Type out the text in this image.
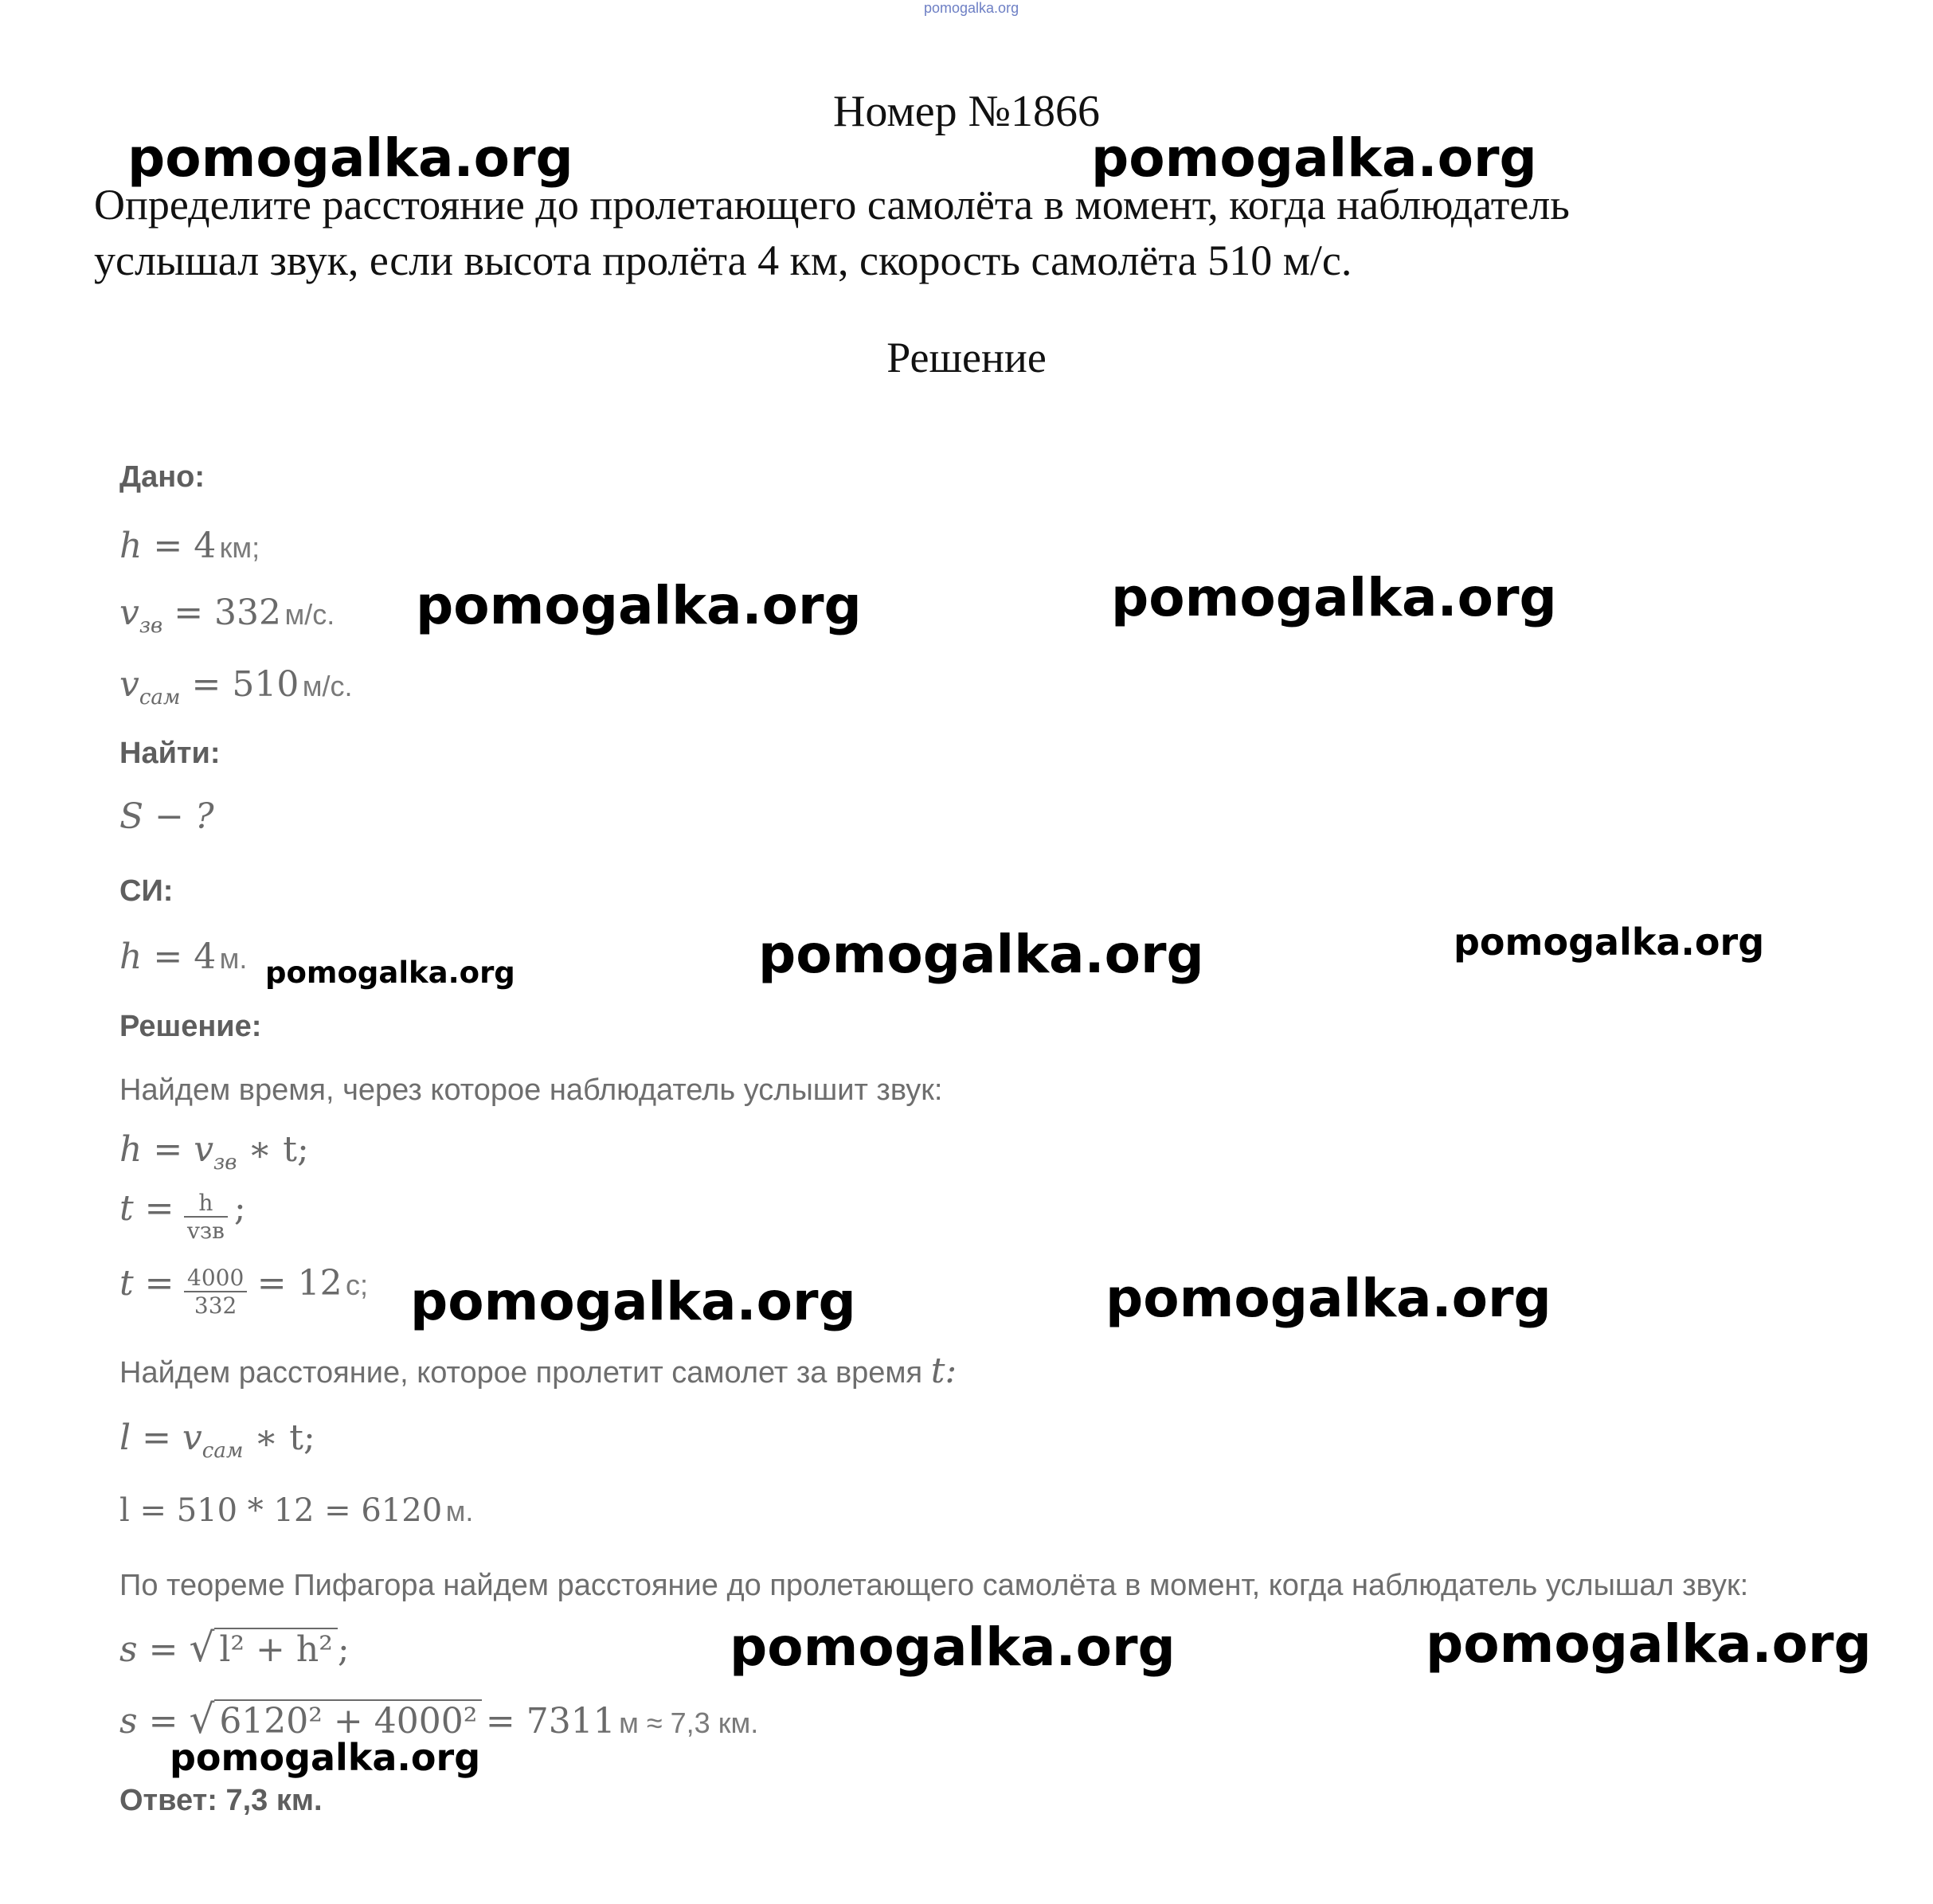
pomogalka.org
Номер №1866
Определите расстояние до пролетающего самолёта в момент, когда наблюдатель
услышал звук, если высота пролёта 4 км, скорость самолёта 510 м/с.
Решение
Дано:
h = 4 км;
$v_{зв} = 332$ м/с.
$v_{сам} = 510$ м/с.
Найти:
S − ?
СИ:
h = 4 м.
Решение:
Найдем время, через которое наблюдатель услышит звук:
$h = v_{зв}$ ∗ t;
$t = \frac{h}{\text{vзв}}$ ;
$t = \frac{4000}{332} = 12$ с;
Найдем расстояние, которое пролетит самолет за время t:
$l = v_{сам}$ ∗ t;
l = 510 * 12 = 6120 м.
По теореме Пифагора найдем расстояние до пролетающего самолёта в момент, когда наблюдатель услышал звук:
s = √ l² + h² ;
s = √ 6120² + 4000² = 7311 м ≈ 7,3 км.
Ответ: 7,3 км.
pomogalka.org	pomogalka.org
pomogalka.org	pomogalka.org
pomogalka.org	pomogalka.org
pomogalka.org
pomogalka.org	pomogalka.org
pomogalka.org	pomogalka.org
pomogalka.org
